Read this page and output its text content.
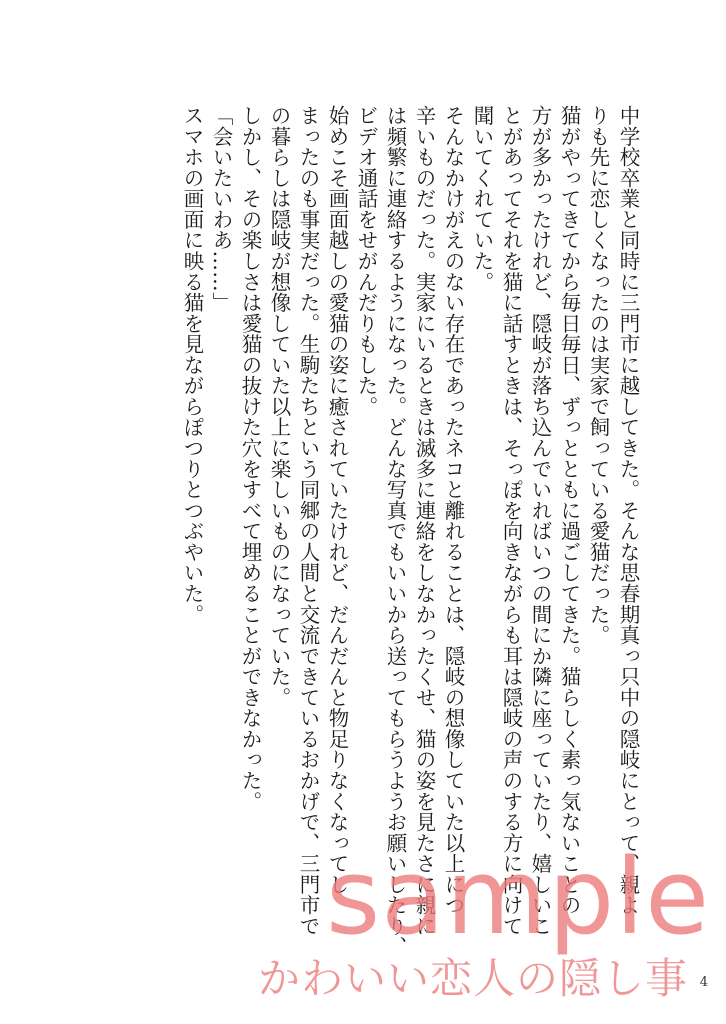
中学校卒業と同時に三門市に越してきた。そんな思春期真っ只中の隠岐にとって、親よ
りも先に恋しくなったのは実家で飼っている愛猫だった。
猫がやってきてから毎日毎日、ずっとともに過ごしてきた。猫らしく素っ気ないことの
方が多かったけれど、隠岐が落ち込んでいればいつの間にか隣に座っていたり、嬉しいこ
とがあってそれを猫に話すときは、そっぽを向きながらも耳は隠岐の声のする方に向けて
聞いてくれていた。
そんなかけがえのない存在であったネコと離れることは、隠岐の想像していた以上につ
辛いものだった。実家にいるときは滅多に連絡をしなかったくせ、猫の姿を見たさに親に
は頻繁に連絡するようになった。どんな写真でもいいから送ってもらうようお願いしたり、
ビデオ通話をせがんだりもした。
始めこそ画面越しの愛猫の姿に癒されていたけれど、だんだんと物足りなくなってし
まったのも事実だった。生駒たちという同郷の人間と交流できているおかげで、三門市で
の暮らしは隠岐が想像していた以上に楽しいものになっていた。
しかし、その楽しさは愛猫の抜けた穴をすべて埋めることができなかった。
「会いたいわあ……」
スマホの画面に映る猫を見ながらぽつりとつぶやいた。
sample
かわいい恋人の隠し事 4
